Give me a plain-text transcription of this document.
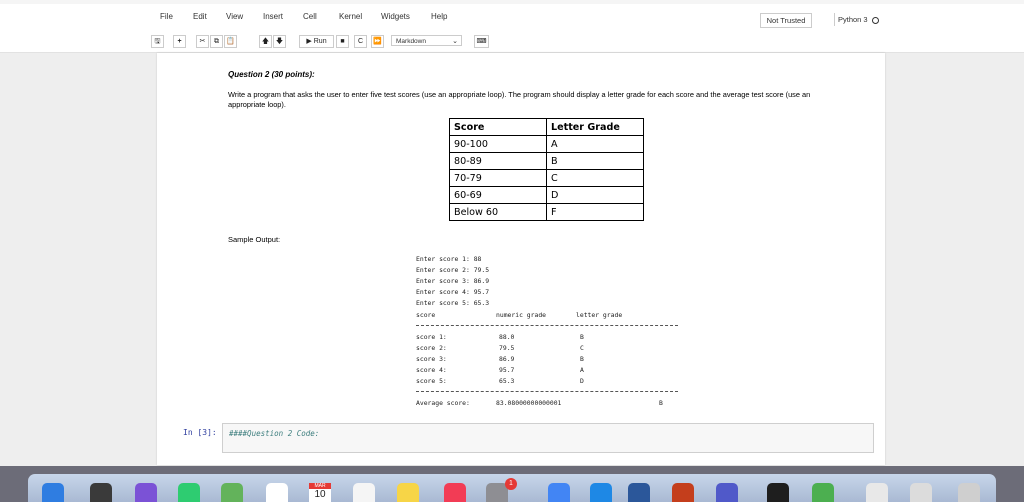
File	Edit View Insert Cell	Kernel Widgets	Help	Not Trusted	Python 3
🖫	+	✂	⧉	📋	🡅 🡇	▶ Run	■	C	⏩	Markdown	⌄	⌨
Question 2 (30 points):
Write a program that asks the user to enter five test scores (use an appropriate loop). The program should display a letter grade for each score and the average test score (use an appropriate loop).
Score	Letter Grade
90-100	A
80-89	B
70-79	C
60-69	D
Below 60	F
Sample Output:
Enter score 1: 88
Enter score 2: 79.5
Enter score 3: 86.9
Enter score 4: 95.7
Enter score 5: 65.3
score	numeric grade	letter grade
score 1:	88.0	B
score 2:	79.5	C
score 3:	86.9	B
score 4:	95.7	A
score 5:	65.3	D
Average score:	83.08000000000001	B
In [3]: ####Question 2 Code:
MAR
10
1
